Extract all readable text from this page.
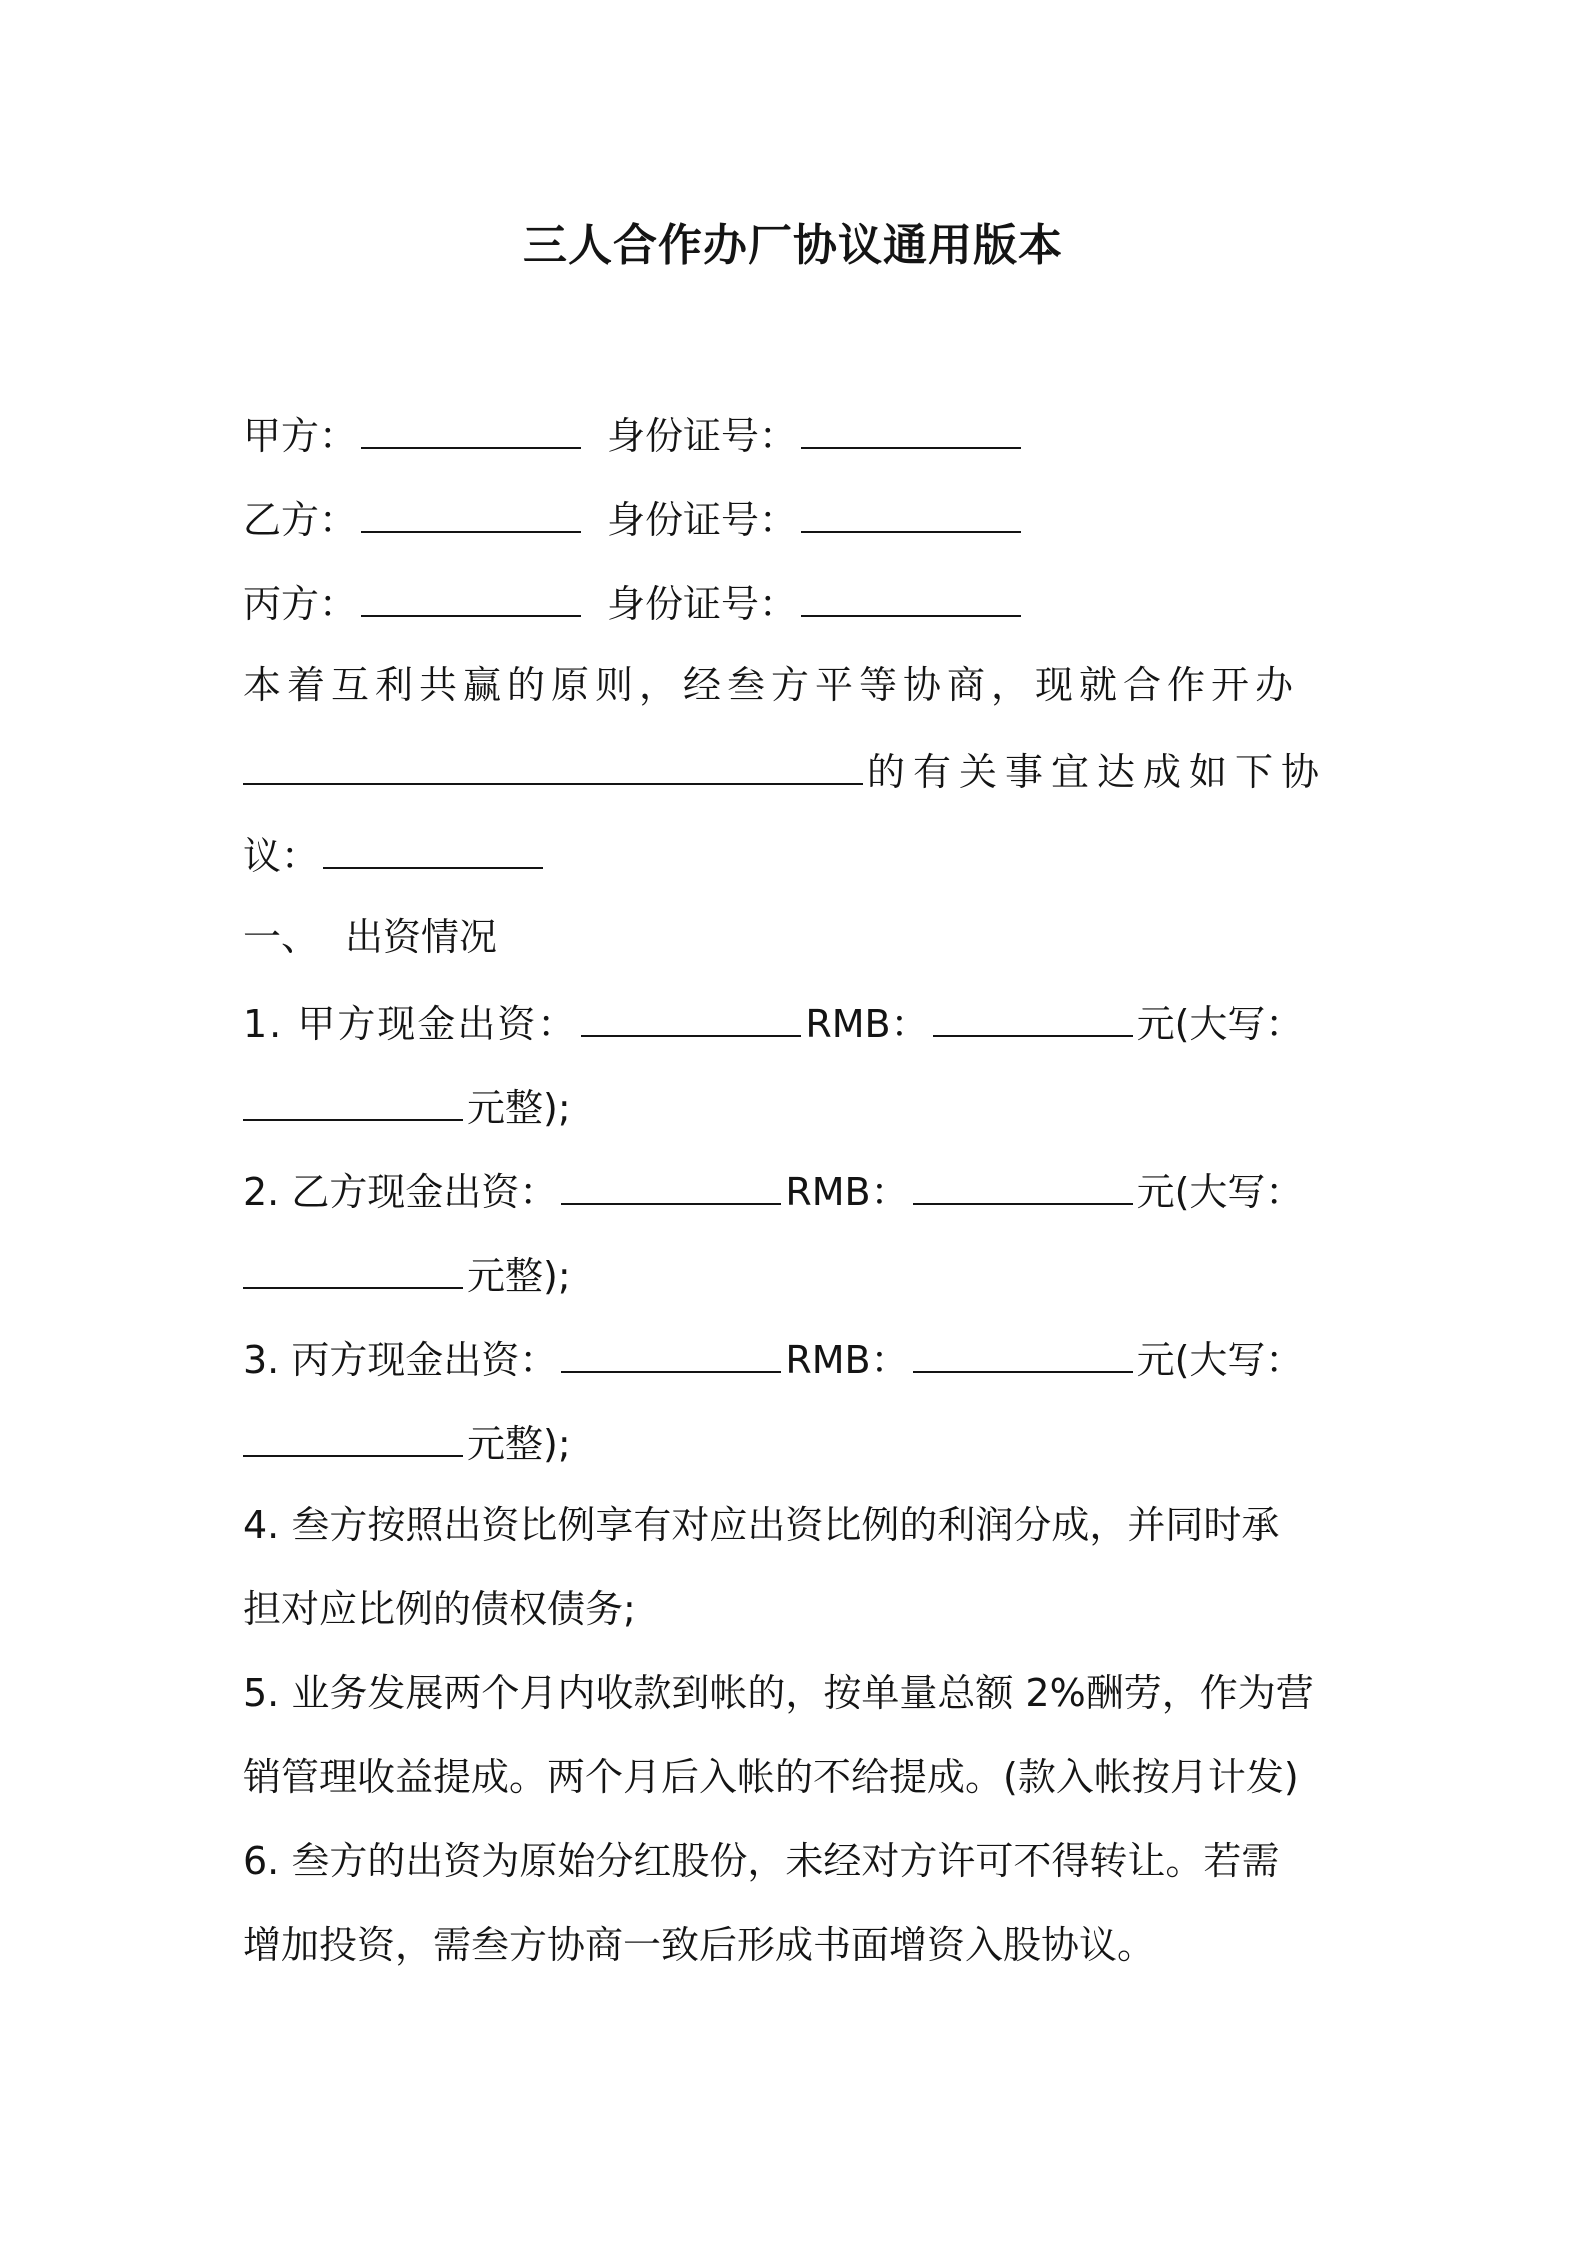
三人合作办厂协议通用版本
甲方：	身份证号：
乙方：	身份证号：
丙方：	身份证号：
本着互利共赢的原则，经叁方平等协商，现就合作开办
的有关事宜达成如下协
议：
一、 出资情况
1. 甲方现金出资：	RMB：	元(大写：
元整);
2. 乙方现金出资：	RMB：	元(大写：
元整);
3. 丙方现金出资：	RMB：	元(大写：
元整);
4. 叁方按照出资比例享有对应出资比例的利润分成，并同时承
担对应比例的债权债务;
5. 业务发展两个月内收款到帐的，按单量总额 2%酬劳，作为营
销管理收益提成。两个月后入帐的不给提成。(款入帐按月计发)
6. 叁方的出资为原始分红股份，未经对方许可不得转让。若需
增加投资，需叁方协商一致后形成书面增资入股协议。
